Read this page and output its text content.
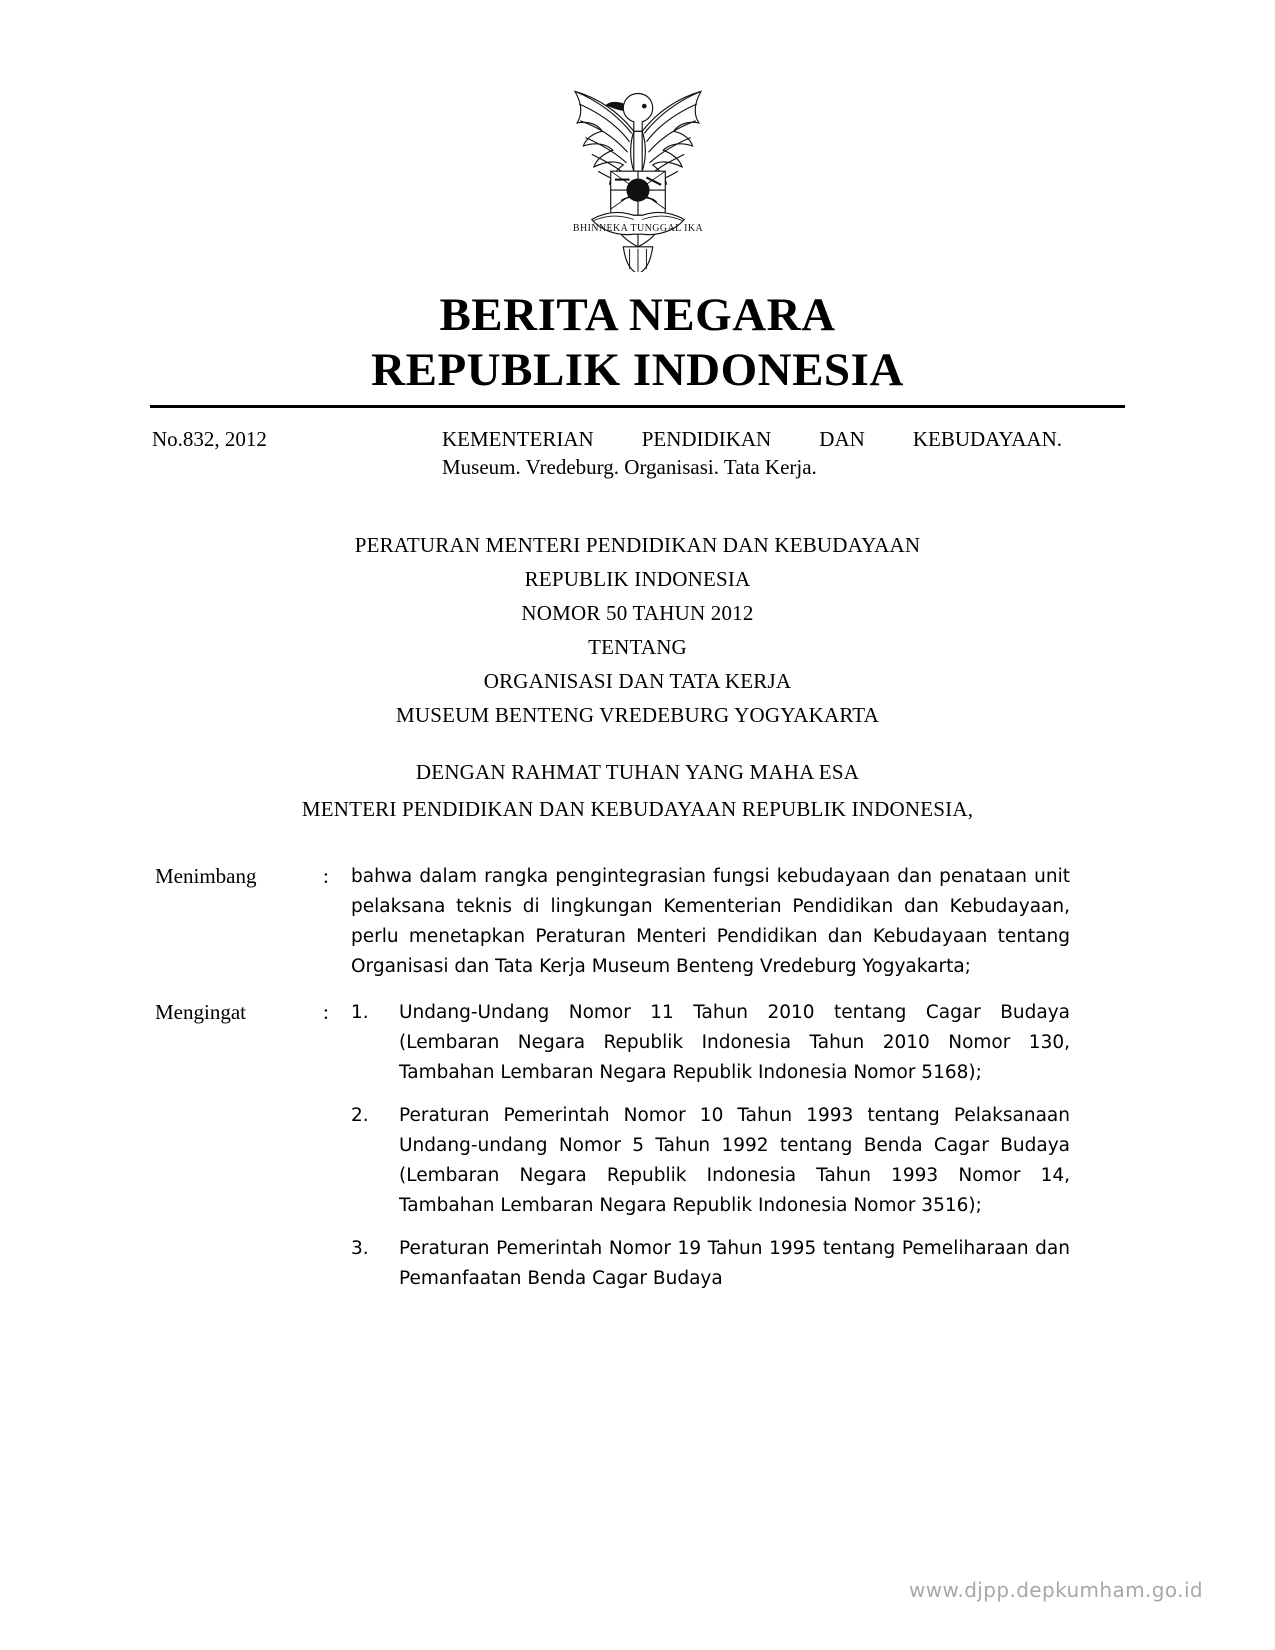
BHINNEKA TUNGGAL IKA
BERITA NEGARA
REPUBLIK INDONESIA
No.832, 2012	KEMENTERIAN PENDIDIKAN DAN KEBUDAYAAN.
Museum. Vredeburg. Organisasi. Tata Kerja.
PERATURAN MENTERI PENDIDIKAN DAN KEBUDAYAAN
REPUBLIK INDONESIA
NOMOR 50 TAHUN 2012
TENTANG
ORGANISASI DAN TATA KERJA
MUSEUM BENTENG VREDEBURG YOGYAKARTA
DENGAN RAHMAT TUHAN YANG MAHA ESA
MENTERI PENDIDIKAN DAN KEBUDAYAAN REPUBLIK INDONESIA,
Menimbang	:	bahwa dalam rangka pengintegrasian fungsi kebudayaan dan penataan unit pelaksana teknis di lingkungan Kementerian Pendidikan dan Kebudayaan, perlu menetapkan Peraturan Menteri Pendidikan dan Kebudayaan tentang Organisasi dan Tata Kerja Museum Benteng Vredeburg Yogyakarta;
Mengingat	:	1.	Undang-Undang Nomor 11 Tahun 2010 tentang Cagar Budaya (Lembaran Negara Republik Indonesia Tahun 2010 Nomor 130, Tambahan Lembaran Negara Republik Indonesia Nomor 5168);
2.	Peraturan Pemerintah Nomor 10 Tahun 1993 tentang Pelaksanaan Undang-undang Nomor 5 Tahun 1992 tentang Benda Cagar Budaya (Lembaran Negara Republik Indonesia Tahun 1993 Nomor 14, Tambahan Lembaran Negara Republik Indonesia Nomor 3516);
3.	Peraturan Pemerintah Nomor 19 Tahun 1995 tentang Pemeliharaan dan Pemanfaatan Benda Cagar Budaya
www.djpp.depkumham.go.id
